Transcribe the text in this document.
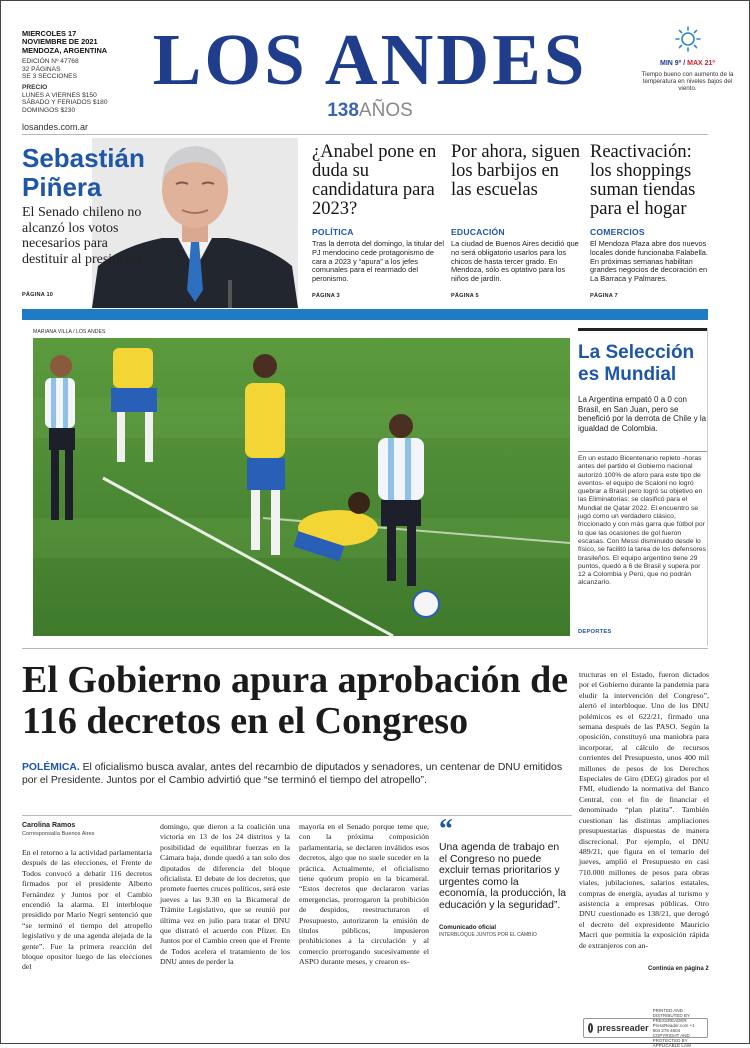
MIERCOLES 17
NOVIEMBRE DE 2021
MENDOZA, ARGENTINA
EDICIÓN Nº 47768
32 PÁGINAS
SE 3 SECCIONES
PRECIO
LUNES A VIERNES $150
SÁBADO Y FERIADOS $180
DOMINGOS $230
losandes.com.ar
LOS ANDES
138AÑOS
MIN 9º / MAX 21º
Tiempo bueno con aumento de la temperatura en niveles bajos del viento.
Sebastián Piñera
El Senado chileno no alcanzó los votos necesarios para destituir al presidente.
PÁGINA 10
¿Anabel pone en duda su candidatura para 2023?
POLÍTICA
Tras la derrota del domingo, la titular del PJ mendocino cede protagonismo de cara a 2023 y “apura” a los jefes comunales para el rearmado del peronismo.
PÁGINA 3
Por ahora, siguen los barbijos en las escuelas
EDUCACIÓN
La ciudad de Buenos Aires decidió que no será obligatorio usarlos para los chicos de hasta tercer grado. En Mendoza, sólo es optativo para los niños de jardín.
PÁGINA 5
Reactivación: los shoppings suman tiendas para el hogar
COMERCIOS
El Mendoza Plaza abre dos nuevos locales donde funcionaba Falabella. En próximas semanas habilitan grandes negocios de decoración en La Barraca y Palmares.
PÁGINA 7
MARIANA VILLA / LOS ANDES
La Selección es Mundial
La Argentina empató 0 a 0 con Brasil, en San Juan, pero se benefició por la derrota de Chile y la igualdad de Colombia.
En un estado Bicentenario repleto -horas antes del partido el Gobierno nacional autorizó 100% de aforo para este tipo de eventos- el equipo de Scaloni no logró quebrar a Brasil pero logró su objetivo en las Eliminatorias: se clasificó para el Mundial de Qatar 2022. El encuentro se jugó como un verdadero clásico, friccionado y con más garra que fútbol por lo que las ocasiones de gol fueron escasas. Con Messi disminuido desde lo físico, se facilitó la tarea de los defensores brasileños. El equipo argentino tiene 29 puntos, quedó a 6 de Brasil y supera por 12 a Colombia y Perú, que no podrán alcanzarlo.
DEPORTES
El Gobierno apura aprobación de 116 decretos en el Congreso
POLÉMICA. El oficialismo busca avalar, antes del recambio de diputados y senadores, un centenar de DNU emitidos por el Presidente. Juntos por el Cambio advirtió que “se terminó el tiempo del atropello”.
Carolina Ramos
Corresponsalía Buenos Aires
En el retorno a la actividad parlamentaria después de las elecciones, el Frente de Todos convocó a debatir 116 decretos firmados por el presidente Alberto Fernández y Juntos por el Cambio encendió la alarma. El interbloque presidido por Mario Negri sentenció que “se terminó el tiempo del atropello legislativo y de una agenda alejada de la gente”. Fue la primera reacción del bloque opositor luego de las elecciones del
domingo, que dieron a la coalición una victoria en 13 de los 24 distritos y la posibilidad de equilibrar fuerzas en la Cámara baja, donde quedó a tan solo dos diputados de diferencia del bloque oficialista. El debate de los decretos, que promete fuertes cruces políticos, será este jueves a las 9.30 en la Bicameral de Trámite Legislativo, que se reunió por última vez en julio para tratar el DNU que distrató el acuerdo con Pfizer. En Juntos por el Cambio creen que el Frente de Todos acelera el tratamiento de los DNU antes de perder la
mayoría en el Senado porque teme que, con la próxima composición parlamentaria, se declaren inválidos esos decretos, algo que no suele suceder en la práctica. Actualmente, el oficialismo tiene quórum propio en la bicameral. “Estos decretos que declararon varias emergencias, prorrogaron la prohibición de despidos, reestructuraron el Presupuesto, autorizaron la emisión de títulos públicos, impusieron prohibiciones a la circulación y al comercio prorrogando sucesivamente el ASPO durante meses, y crearon es-
“
Una agenda de trabajo en el Congreso no puede excluir temas prioritarios y urgentes como la economía, la producción, la educación y la seguridad”.
Comunicado oficial
INTERBLOQUE JUNTOS POR EL CAMBIO
tructuras en el Estado, fueron dictados por el Gobierno durante la pandemia para eludir la intervención del Congreso”, alertó el interbloque. Uno de los DNU polémicos es el 622/21, firmado una semana después de las PASO. Según la oposición, constituyó una maniobra para incorporar, al cálculo de recursos corrientes del Presupuesto, unos 400 mil millones de pesos de los Derechos Especiales de Giro (DEG) girados por el FMI, eludiendo la normativa del Banco Central, con el fin de financiar el denominado “plan platita”. También cuestionan las distintas ampliaciones presupuestarias dispuestas de manera discrecional. Por ejemplo, el DNU 489/21, que figura en el temario del jueves, amplió el Presupuesto en casi 710.000 millones de pesos para obras viales, jubilaciones, salarios estatales, compras de energía, ayudas al turismo y asistencia a empresas públicas. Otro DNU cuestionado es 138/21, que derogó el decreto del expresidente Mauricio Macri que permitía la exposición rápida de extranjeros con an-
Continúa en página 2
pressreader
PRINTED AND DISTRIBUTED BY PRESSREADER PressReader.com +1 604 278 4604 COPYRIGHT AND PROTECTED BY APPLICABLE LAW
